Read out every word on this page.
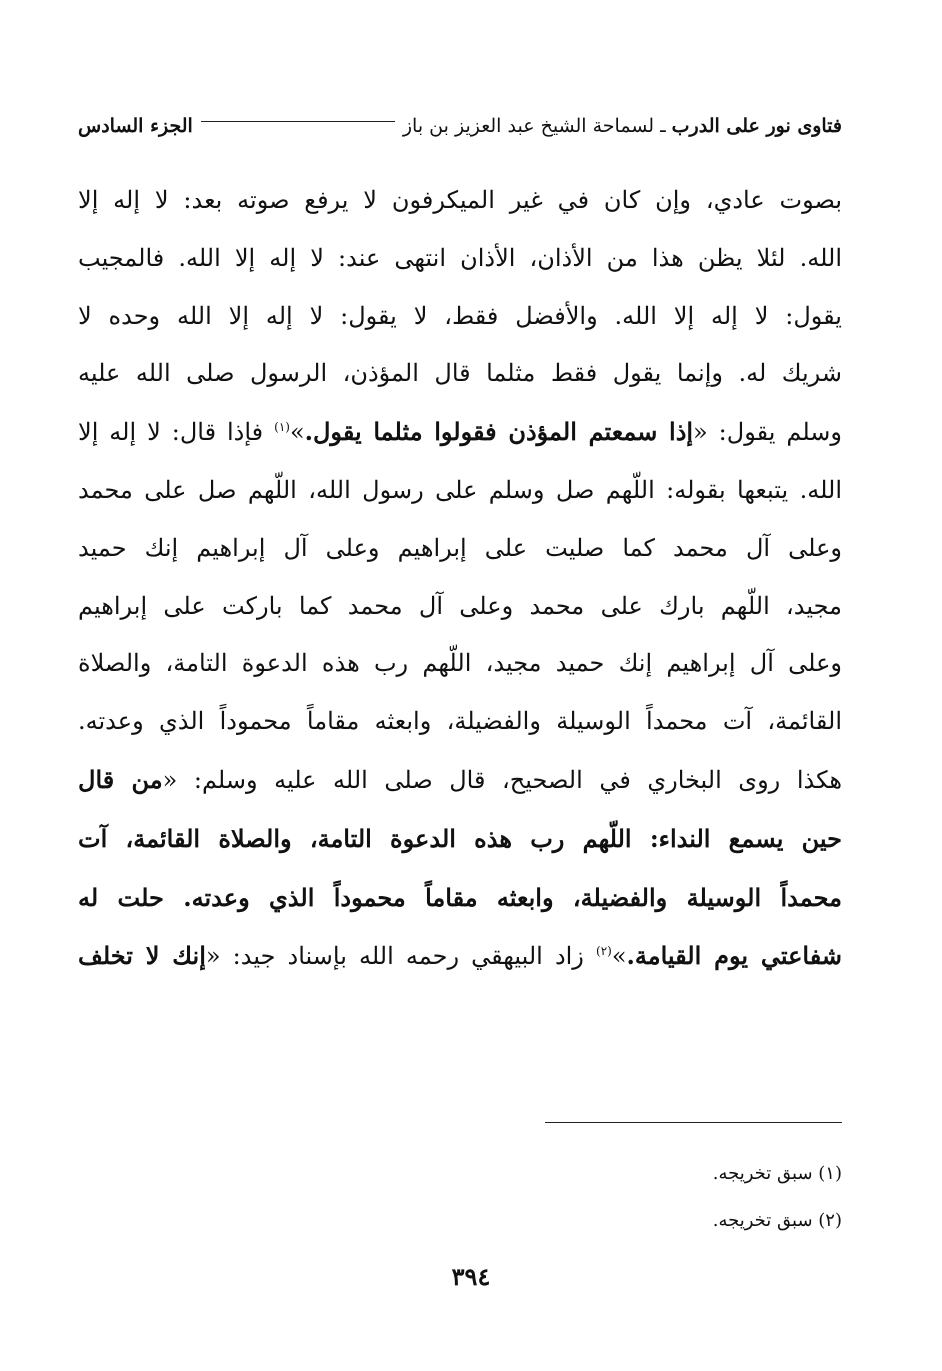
فتاوى نور على الدرب
ـ
لسماحة الشيخ عبد العزيز بن باز
الجزء السادس
بصوت عادي، وإن كان في غير الميكرفون لا يرفع صوته بعد: لا إله إلا
الله. لئلا يظن هذا من الأذان، الأذان انتهى عند: لا إله إلا الله. فالمجيب
يقول: لا إله إلا الله. والأفضل فقط، لا يقول: لا إله إلا الله وحده لا
شريك له. وإنما يقول فقط مثلما قال المؤذن، الرسول صلى الله عليه
وسلم يقول: «إذا سمعتم المؤذن فقولوا مثلما يقول.»$^{(١)}$ فإذا قال: لا إله إلا
الله. يتبعها بقوله: اللّهم صل وسلم على رسول الله، اللّهم صل على محمد
وعلى آل محمد كما صليت على إبراهيم وعلى آل إبراهيم إنك حميد
مجيد، اللّهم بارك على محمد وعلى آل محمد كما باركت على إبراهيم
وعلى آل إبراهيم إنك حميد مجيد، اللّهم رب هذه الدعوة التامة، والصلاة
القائمة، آت محمداً الوسيلة والفضيلة، وابعثه مقاماً محموداً الذي وعدته.
هكذا روى البخاري في الصحيح، قال صلى الله عليه وسلم: «من قال
حين يسمع النداء: اللّهم رب هذه الدعوة التامة، والصلاة القائمة، آت
محمداً الوسيلة والفضيلة، وابعثه مقاماً محموداً الذي وعدته. حلت له
شفاعتي يوم القيامة.»$^{(٢)}$ زاد البيهقي رحمه الله بإسناد جيد: «إنك لا تخلف
(١) سبق تخريجه.
(٢) سبق تخريجه.
٣٩٤
